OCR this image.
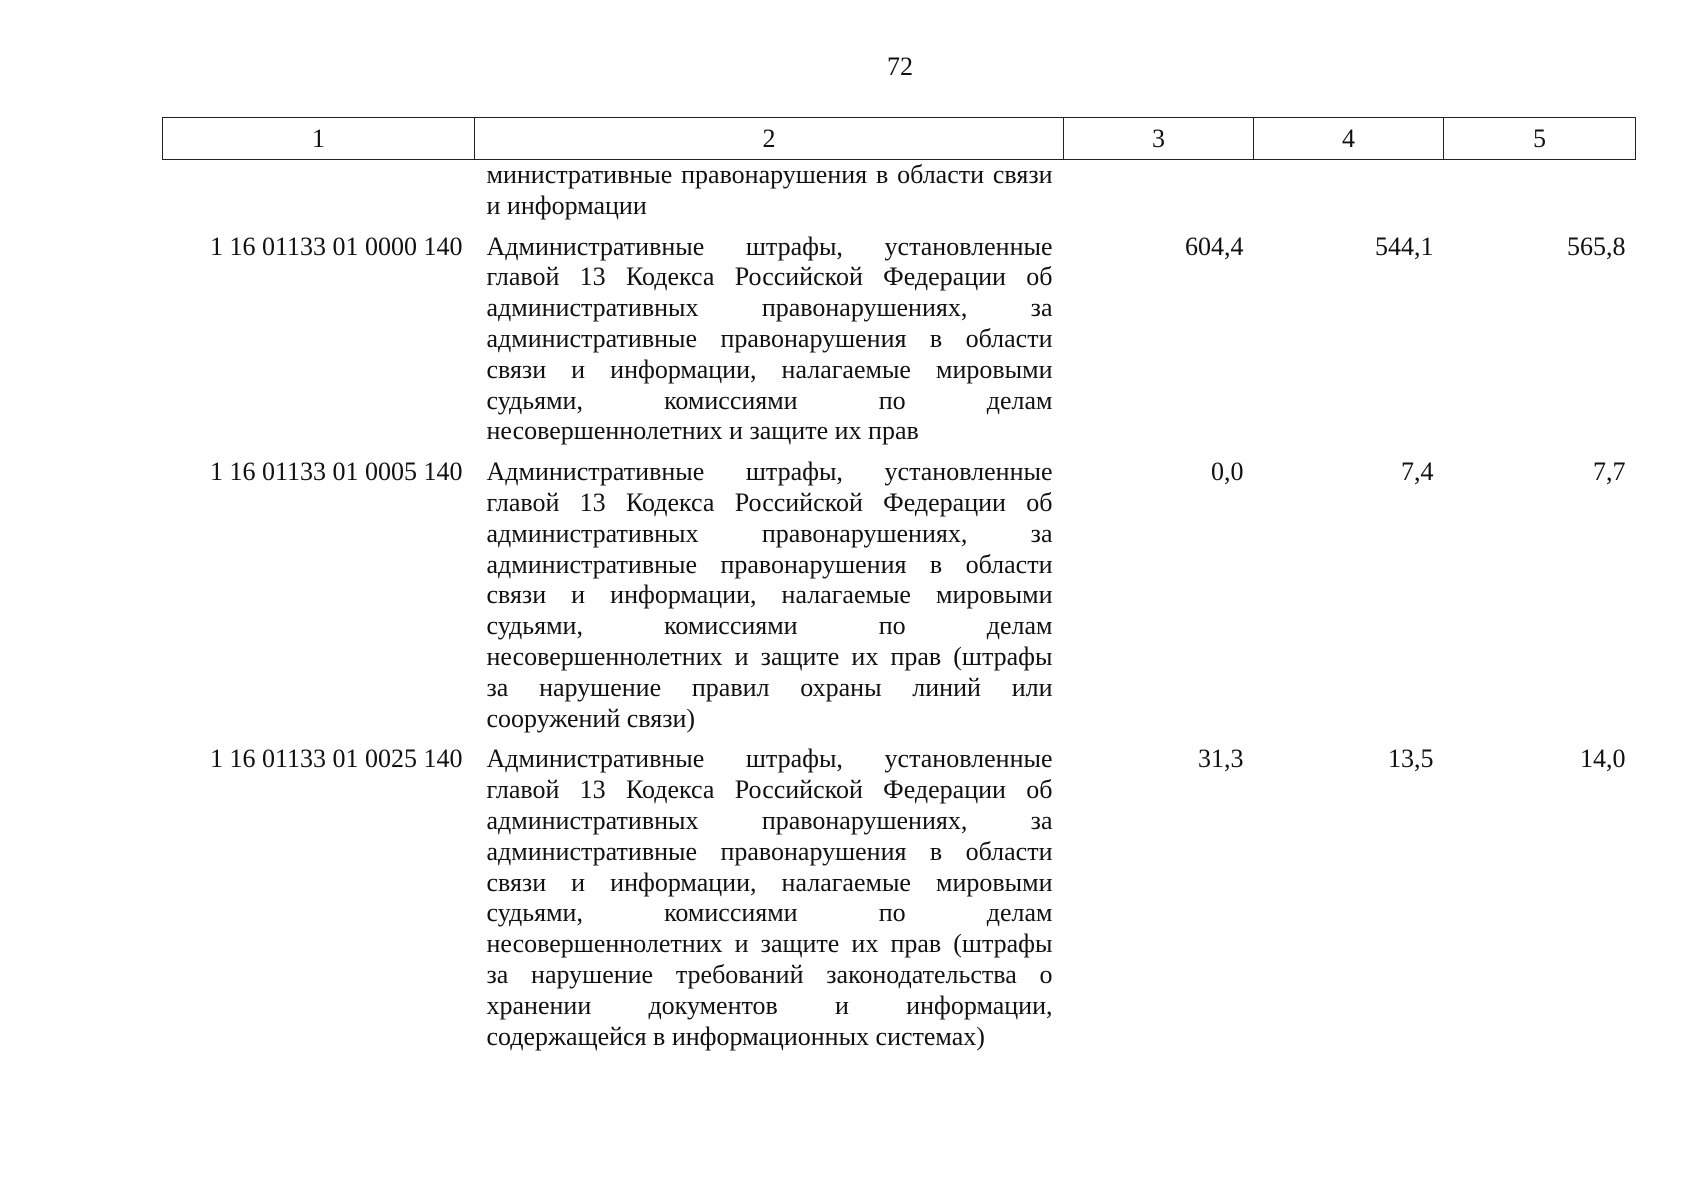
72
1	2	3	4	5
	министративные правонарушения в области связи и информации			
1 16 01133 01 0000 140	Административные штрафы, установленные главой 13 Кодекса Российской Федерации об административных правонарушениях, за административные правонарушения в области связи и информации, налагаемые мировыми судьями, комиссиями по делам несовершеннолетних и защите их прав	604,4	544,1	565,8
1 16 01133 01 0005 140	Административные штрафы, установленные главой 13 Кодекса Российской Федерации об административных правонарушениях, за административные правонарушения в области связи и информации, налагаемые мировыми судьями, комиссиями по делам несовершеннолетних и защите их прав (штрафы за нарушение правил охраны линий или сооружений связи)	0,0	7,4	7,7
1 16 01133 01 0025 140	Административные штрафы, установленные главой 13 Кодекса Российской Федерации об административных правонарушениях, за административные правонарушения в области связи и информации, налагаемые мировыми судьями, комиссиями по делам несовершеннолетних и защите их прав (штрафы за нарушение требований законодательства о хранении документов и информации, содержащейся в информационных системах)	31,3	13,5	14,0
